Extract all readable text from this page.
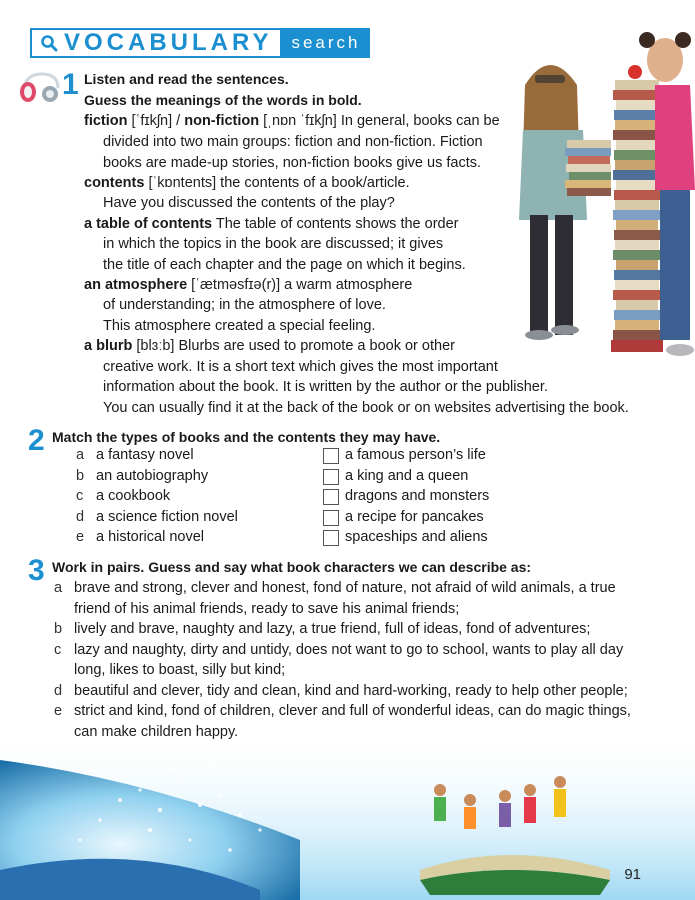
VOCABULARY	search
1 Listen and read the sentences.
Guess the meanings of the words in bold.
fiction [ˈfɪkʃn] / non-fiction [ˌnɒn ˈfɪkʃn] In general, books can be
divided into two main groups: fiction and non-fiction. Fiction
books are made-up stories, non-fiction books give us facts.
contents [ˈkɒntents] the contents of a book/article.
Have you discussed the contents of the play?
a table of contents The table of contents shows the order
in which the topics in the book are discussed; it gives
the title of each chapter and the page on which it begins.
an atmosphere [ˈætməsfɪə(r)] a warm atmosphere
of understanding; in the atmosphere of love.
This atmosphere created a special feeling.
a blurb [blɜːb] Blurbs are used to promote a book or other
creative work. It is a short text which gives the most important
information about the book. It is written by the author or the publisher.
You can usually find it at the back of the book or on websites advertising the book.
2 Match the types of books and the contents they may have.
a a fantasy novel
b an autobiography
c a cookbook
d a science fiction novel
e a historical novel
a famous person’s life
a king and a queen
dragons and monsters
a recipe for pancakes
spaceships and aliens
3 Work in pairs. Guess and say what book characters we can describe as:
a brave and strong, clever and honest, fond of nature, not afraid of wild animals, a true
friend of his animal friends, ready to save his animal friends;
b lively and brave, naughty and lazy, a true friend, full of ideas, fond of adventures;
c lazy and naughty, dirty and untidy, does not want to go to school, wants to play all day
long, likes to boast, silly but kind;
d beautiful and clever, tidy and clean, kind and hard-working, ready to help other people;
e strict and kind, fond of children, clever and full of wonderful ideas, can do magic things,
91
